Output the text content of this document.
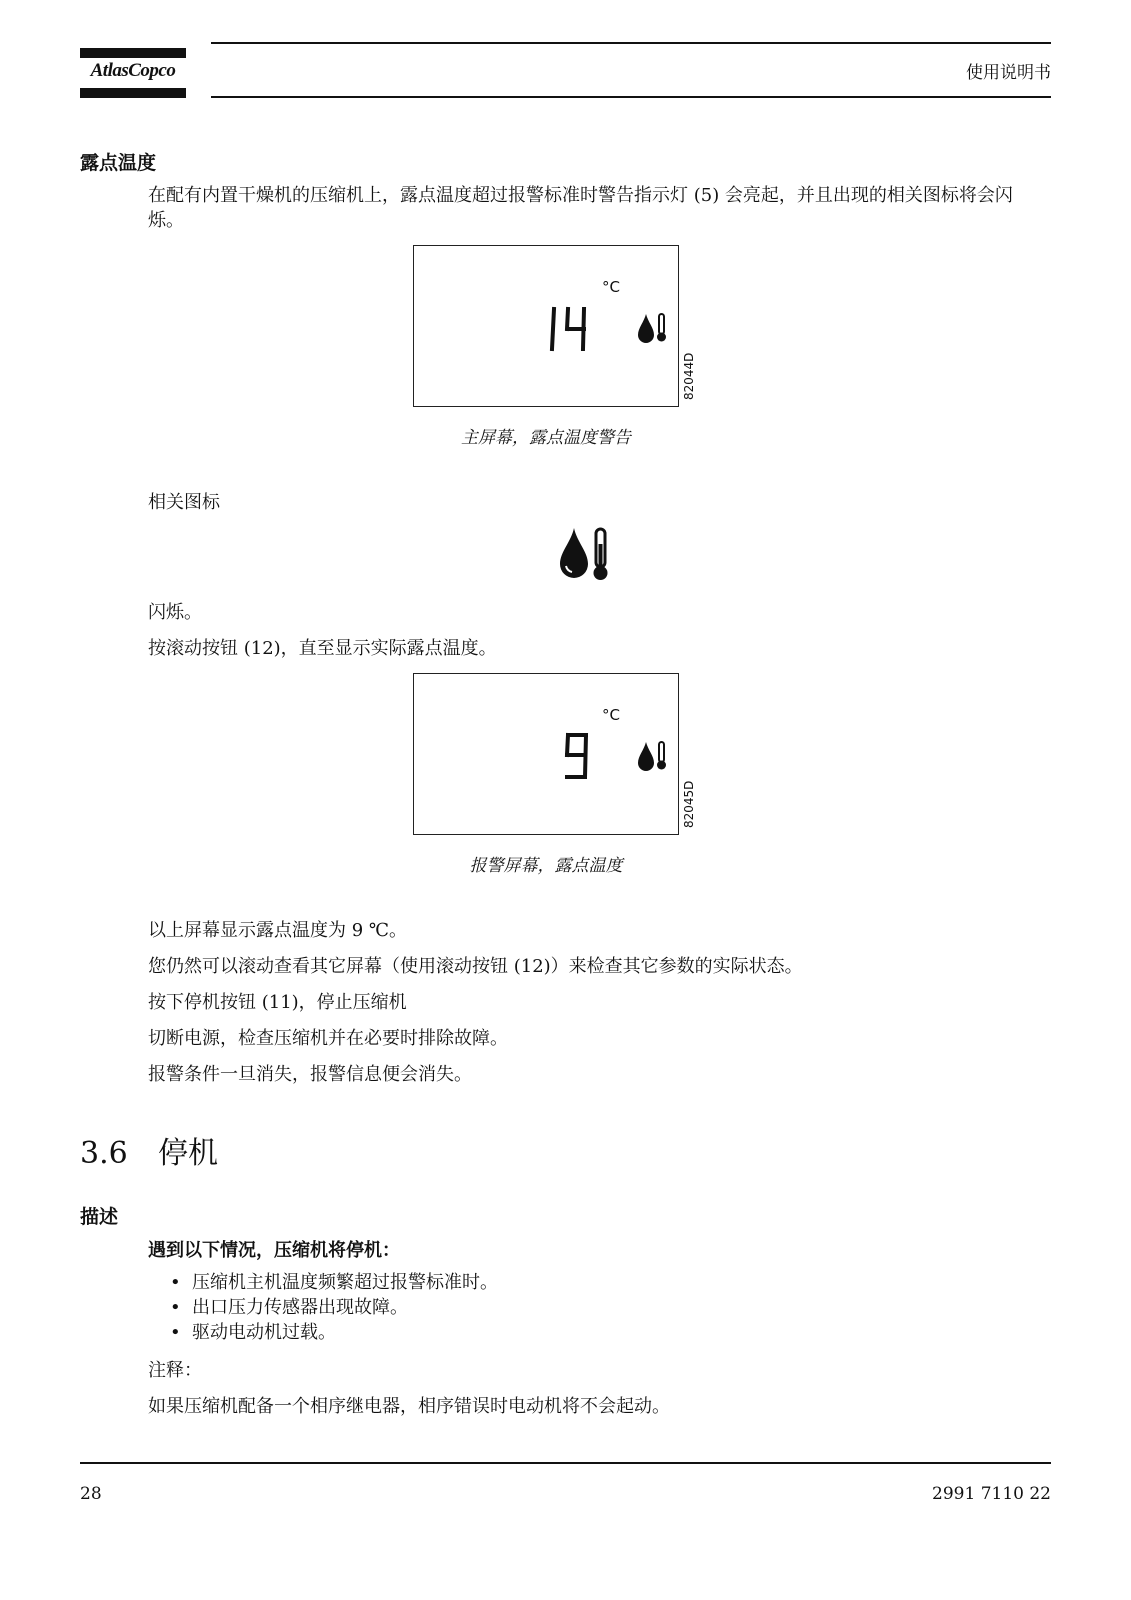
AtlasCopco	使用说明书
露点温度
在配有内置干燥机的压缩机上，露点温度超过报警标准时警告指示灯 (5) 会亮起，并且出现的相关图标将会闪烁。
°C
82044D
主屏幕，露点温度警告
相关图标
闪烁。
按滚动按钮 (12)，直至显示实际露点温度。
°C
82045D
报警屏幕，露点温度
以上屏幕显示露点温度为 9 ℃。
您仍然可以滚动查看其它屏幕（使用滚动按钮 (12)）来检查其它参数的实际状态。
按下停机按钮 (11)，停止压缩机
切断电源，检查压缩机并在必要时排除故障。
报警条件一旦消失，报警信息便会消失。
3.6 停机
描述
遇到以下情况，压缩机将停机：
• 压缩机主机温度频繁超过报警标准时。
• 出口压力传感器出现故障。
• 驱动电动机过载。
注释：
如果压缩机配备一个相序继电器，相序错误时电动机将不会起动。
28	2991 7110 22
